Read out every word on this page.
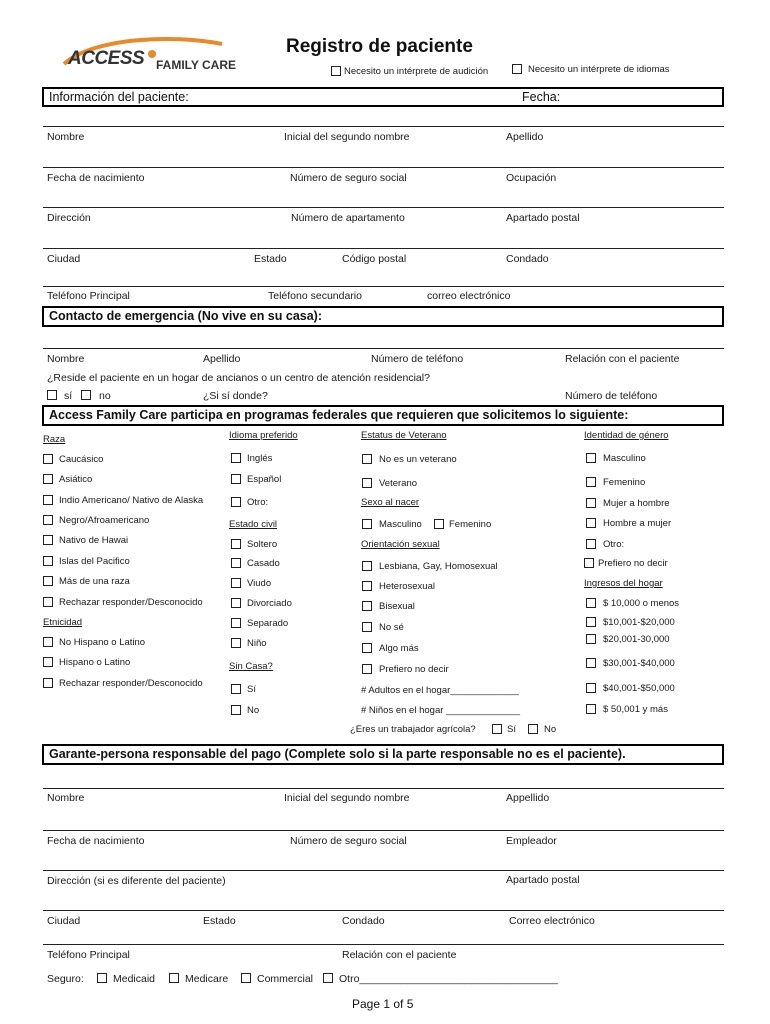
ACCESS FAMILY CARE
Registro de paciente
Necesito un intérprete de audición	Necesito un intérprete de idiomas
Información del paciente:	Fecha:
Nombre	Inicial del segundo nombre	Apellido
Fecha de nacimiento	Número de seguro social	Ocupación
Dirección	Número de apartamento	Apartado postal
Ciudad	Estado	Código postal	Condado
Teléfono Principal	Teléfono secundario	correo electrónico
Contacto de emergencia (No vive en su casa):
Nombre	Apellido	Número de teléfono	Relación con el paciente
¿Reside el paciente en un hogar de ancianos o un centro de atención residencial?
sí	no	¿Si sí donde?	Número de teléfono
Access Family Care participa en programas federales que requieren que solicitemos lo siguiente:
Raza
Caucásico
Asiático
Indio Americano/ Nativo de Alaska
Negro/Afroamericano
Nativo de Hawai
Islas del Pacifico
Más de una raza
Rechazar responder/Desconocido
Etnicidad
No Hispano o Latino
Hispano o Latino
Rechazar responder/Desconocido
Idioma preferido
Inglés
Español
Otro:
Estado civil
Soltero
Casado
Viudo
Divorciado
Separado
Niño
Sin Casa?
Sí
No
Estatus de Veterano
No es un veterano
Veterano
Sexo al nacer
Masculino	Femenino
Orientación sexual
Lesbiana, Gay, Homosexual
Heterosexual
Bisexual
No sé
Algo más
Prefiero no decir
# Adultos en el hogar_____________
# Niños en el hogar ______________
¿Eres un trabajador agrícola?	Sí	No
Identidad de género
Masculino
Femenino
Mujer a hombre
Hombre a mujer
Otro:
Prefiero no decir
Ingresos del hogar
$ 10,000 o menos
$10,001-$20,000
$20,001-30,000
$30,001-$40,000
$40,001-$50,000
$ 50,001 y más
Garante-persona responsable del pago (Complete solo si la parte responsable no es el paciente).
Nombre	Inicial del segundo nombre	Appellido
Fecha de nacimiento	Número de seguro social	Empleador
Dirección (si es diferente del paciente)	Apartado postal
Ciudad	Estado	Condado	Correo electrónico
Teléfono Principal	Relación con el paciente
Seguro:	Medicaid	Medicare	Commercial Otro__________________________________
Page 1 of 5
